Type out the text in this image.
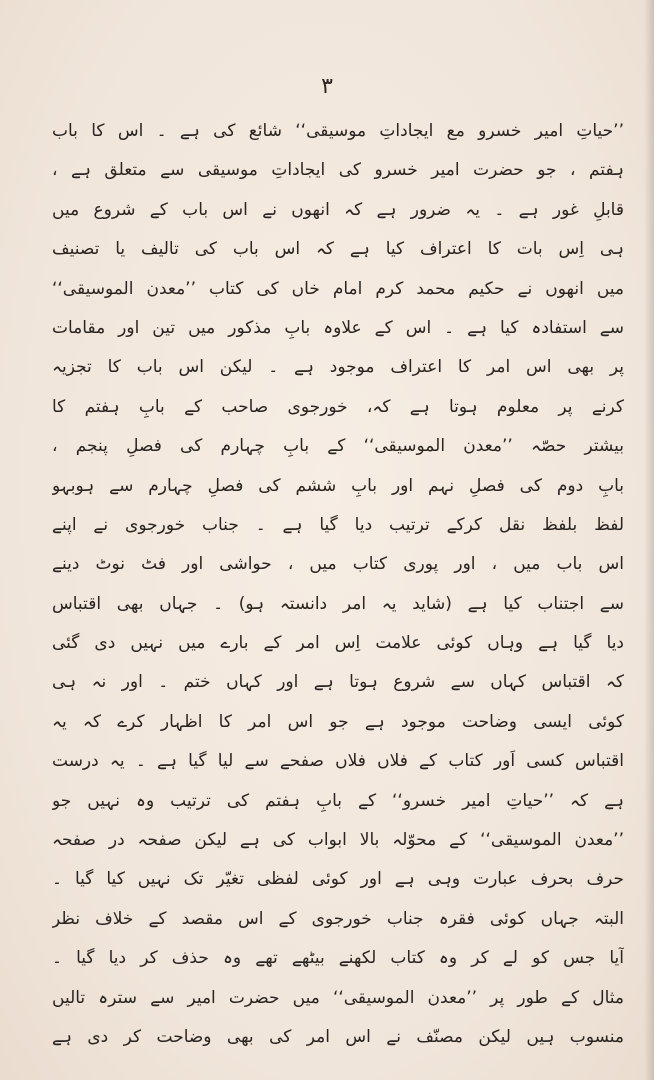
۳
’’حیاتِ امیر خسرو مع ایجاداتِ موسیقی‘‘ شائع کی ہے ۔ اس کا باب
ہفتم ، جو حضرت امیر خسرو کی ایجاداتِ موسیقی سے متعلق ہے ،
قابلِ غور ہے ۔ یہ ضرور ہے کہ انھوں نے اس باب کے شروع میں
ہی اِس بات کا اعتراف کیا ہے کہ اس باب کی تالیف یا تصنیف
میں انھوں نے حکیم محمد کرم امام خاں کی کتاب ’’معدن الموسیقی‘‘
سے استفادہ کیا ہے ۔ اس کے علاوہ بابِ مذکور میں تین اور مقامات
پر بھی اس امر کا اعتراف موجود ہے ۔ لیکن اس باب کا تجزیہ
کرنے پر معلوم ہوتا ہے کہ، خورجوی صاحب کے بابِ ہفتم کا
بیشتر حصّہ ’’معدن الموسیقی‘‘ کے بابِ چہارم کی فصلِ پنجم ،
بابِ دوم کی فصلِ نہم اور بابِ ششم کی فصلِ چہارم سے ہوبہو
لفظ بلفظ نقل کرکے ترتیب دیا گیا ہے ۔ جناب خورجوی نے اپنے
اس باب میں ، اور پوری کتاب میں ، حواشی اور فٹ نوٹ دینے
سے اجتناب کیا ہے (شاید یہ امر دانستہ ہو) ۔ جہاں بھی اقتباس
دیا گیا ہے وہاں کوئی علامت اِس امر کے بارے میں نہیں دی گئی
کہ اقتباس کہاں سے شروع ہوتا ہے اور کہاں ختم ۔ اور نہ ہی
کوئی ایسی وضاحت موجود ہے جو اس امر کا اظہار کرے کہ یہ
اقتباس کسی اَور کتاب کے فلاں فلاں صفحے سے لیا گیا ہے ۔ یہ درست
ہے کہ ’’حیاتِ امیر خسرو‘‘ کے بابِ ہفتم کی ترتیب وہ نہیں جو
’’معدن الموسیقی‘‘ کے محوّلہ بالا ابواب کی ہے لیکن صفحہ در صفحہ
حرف بحرف عبارت وہی ہے اور کوئی لفظی تغیّر تک نہیں کیا گیا ۔
البتہ جہاں کوئی فقرہ جناب خورجوی کے اس مقصد کے خلاف نظر
آیا جس کو لے کر وہ کتاب لکھنے بیٹھے تھے وہ حذف کر دیا گیا ۔
مثال کے طور پر ’’معدن الموسیقی‘‘ میں حضرت امیر سے سترہ تالیں
منسوب ہیں لیکن مصنّف نے اس امر کی بھی وضاحت کر دی ہے
